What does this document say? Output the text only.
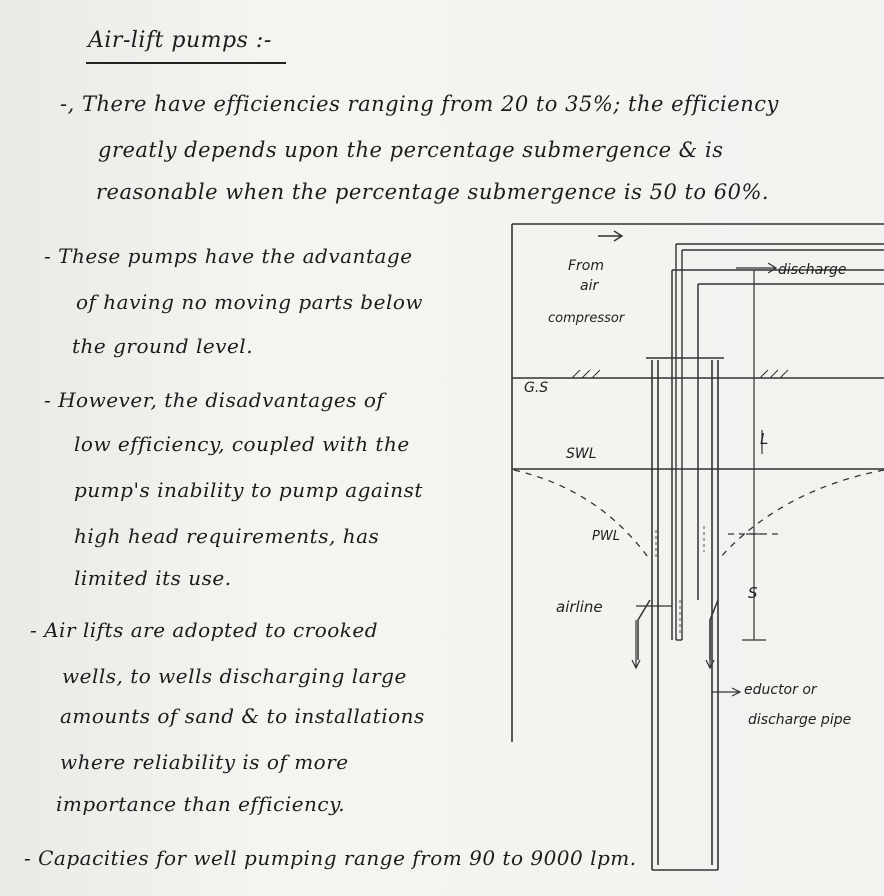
Air-lift pumps :-
-, There have efficiencies ranging from 20 to 35%; the efficiency
greatly depends upon the percentage submergence & is
reasonable when the percentage submergence is 50 to 60%.
- These pumps have the advantage
of having no moving parts below
the ground level.
- However, the disadvantages of
low efficiency, coupled with the
pump's inability to pump against
high head requirements, has
limited its use.
- Air lifts are adopted to crooked
wells, to wells discharging large
amounts of sand & to installations
where reliability is of more
importance than efficiency.
- Capacities for well pumping range from 90 to 9000 lpm.
From
air
compressor
discharge
G.S
SWL
PWL
L
S
airline
eductor or
discharge pipe
